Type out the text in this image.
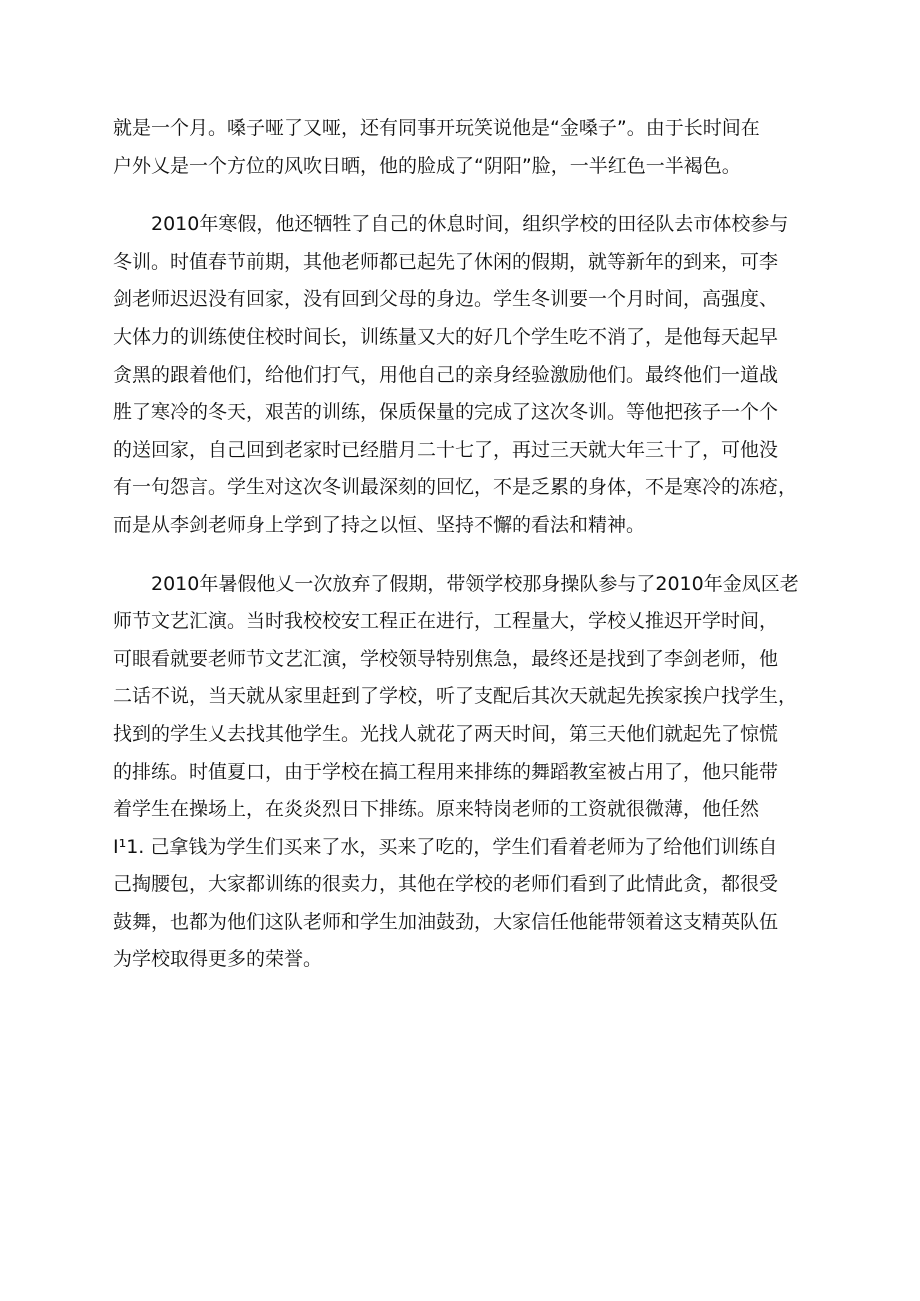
就是一个月。嗓子哑了又哑，还有同事开玩笑说他是“金嗓子”。由于长时间在
户外乂是一个方位的风吹日晒，他的脸成了“阴阳”脸，一半红色一半褐色。
2010年寒假，他还牺牲了自己的休息时间，组织学校的田径队去市体校参与
冬训。时值春节前期，其他老师都已起先了休闲的假期，就等新年的到来，可李
剑老师迟迟没有回家，没有回到父母的身边。学生冬训要一个月时间，高强度、
大体力的训练使住校时间长，训练量又大的好几个学生吃不消了，是他每天起早
贪黑的跟着他们，给他们打气，用他自己的亲身经验激励他们。最终他们一道战
胜了寒冷的冬天，艰苦的训练，保质保量的完成了这次冬训。等他把孩子一个个
的送回家，自己回到老家时已经腊月二十七了，再过三天就大年三十了，可他没
有一句怨言。学生对这次冬训最深刻的回忆，不是乏累的身体，不是寒冷的冻疮，
而是从李剑老师身上学到了持之以恒、坚持不懈的看法和精神。
2010年暑假他乂一次放弃了假期，带领学校那身操队参与了2010年金凤区老
师节文艺汇演。当时我校校安工程正在进行，工程量大，学校乂推迟开学时间，
可眼看就要老师节文艺汇演，学校领导特别焦急，最终还是找到了李剑老师，他
二话不说，当天就从家里赶到了学校，听了支配后其次天就起先挨家挨户找学生，
找到的学生乂去找其他学生。光找人就花了两天时间，第三天他们就起先了惊慌
的排练。时值夏口，由于学校在搞工程用来排练的舞蹈教室被占用了，他只能带
着学生在操场上，在炎炎烈日下排练。原来特岗老师的工资就很微薄，他任然
I¹1. 己拿钱为学生们买来了水，买来了吃的，学生们看着老师为了给他们训练自
己掏腰包，大家都训练的很卖力，其他在学校的老师们看到了此情此贪，都很受
鼓舞，也都为他们这队老师和学生加油鼓劲，大家信任他能带领着这支精英队伍
为学校取得更多的荣誉。
